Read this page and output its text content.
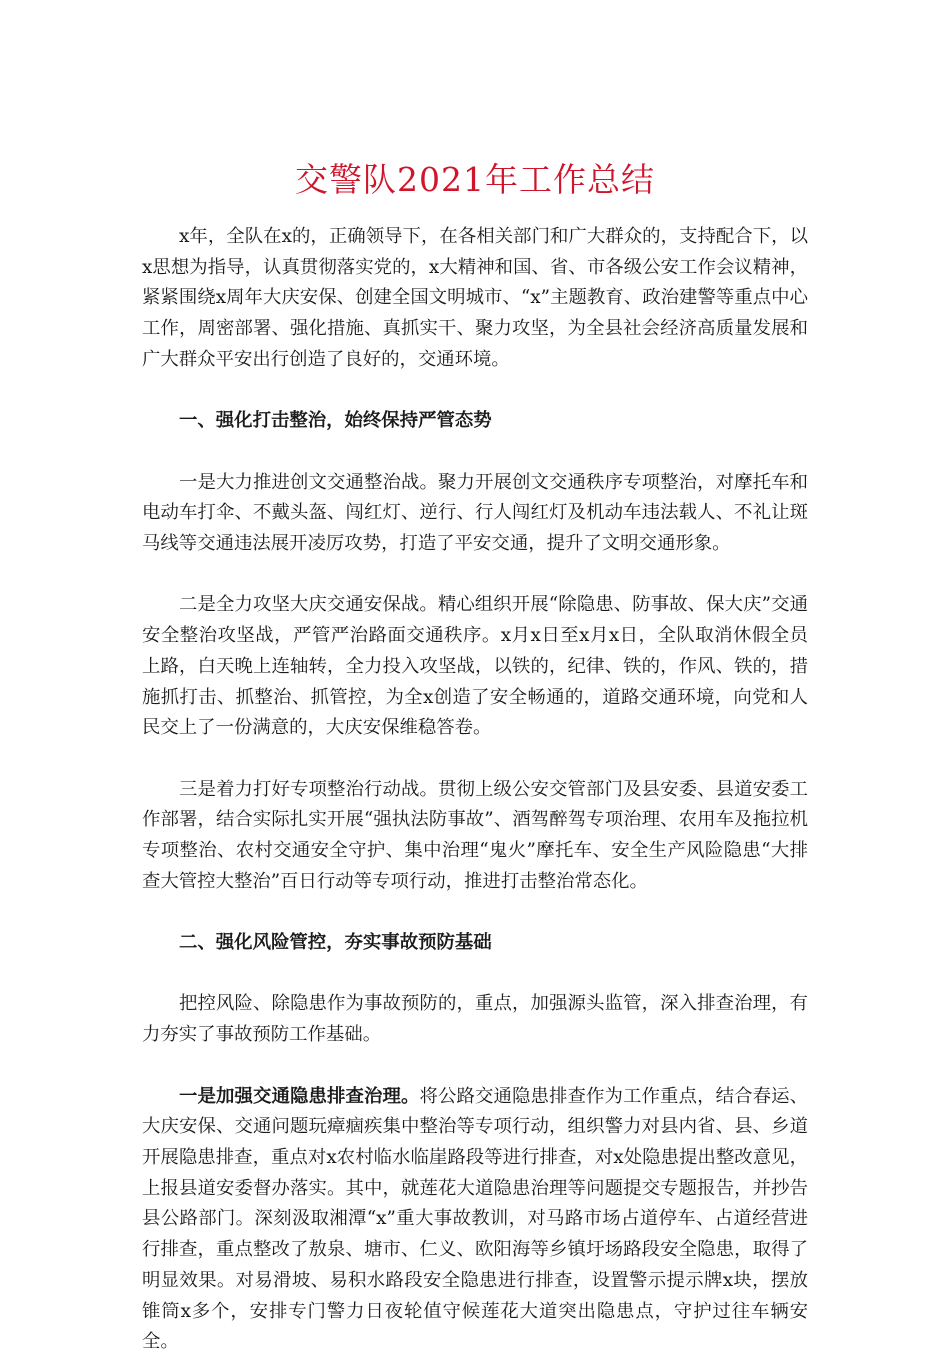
交警队2021年工作总结

x年，全队在x的，正确领导下，在各相关部门和广大群众的，支持配合下，以x思想为指导，认真贯彻落实党的，x大精神和国、省、市各级公安工作会议精神，紧紧围绕x周年大庆安保、创建全国文明城市、“x”主题教育、政治建警等重点中心工作，周密部署、强化措施、真抓实干、聚力攻坚，为全县社会经济高质量发展和广大群众平安出行创造了良好的，交通环境。

一、强化打击整治，始终保持严管态势

一是大力推进创文交通整治战。聚力开展创文交通秩序专项整治，对摩托车和电动车打伞、不戴头盔、闯红灯、逆行、行人闯红灯及机动车违法载人、不礼让斑马线等交通违法展开凌厉攻势，打造了平安交通，提升了文明交通形象。

二是全力攻坚大庆交通安保战。精心组织开展“除隐患、防事故、保大庆”交通安全整治攻坚战，严管严治路面交通秩序。x月x日至x月x日，全队取消休假全员上路，白天晚上连轴转，全力投入攻坚战，以铁的，纪律、铁的，作风、铁的，措施抓打击、抓整治、抓管控，为全x创造了安全畅通的，道路交通环境，向党和人民交上了一份满意的，大庆安保维稳答卷。

三是着力打好专项整治行动战。贯彻上级公安交管部门及县安委、县道安委工作部署，结合实际扎实开展“强执法防事故”、酒驾醉驾专项治理、农用车及拖拉机专项整治、农村交通安全守护、集中治理“鬼火”摩托车、安全生产风险隐患“大排查大管控大整治”百日行动等专项行动，推进打击整治常态化。

二、强化风险管控，夯实事故预防基础

把控风险、除隐患作为事故预防的，重点，加强源头监管，深入排查治理，有力夯实了事故预防工作基础。

一是加强交通隐患排查治理。将公路交通隐患排查作为工作重点，结合春运、大庆安保、交通问题玩瘴痼疾集中整治等专项行动，组织警力对县内省、县、乡道开展隐患排查，重点对x农村临水临崖路段等进行排查，对x处隐患提出整改意见，上报县道安委督办落实。其中，就莲花大道隐患治理等问题提交专题报告，并抄告县公路部门。深刻汲取湘潭“x”重大事故教训，对马路市场占道停车、占道经营进行排查，重点整改了敖泉、塘市、仁义、欧阳海等乡镇圩场路段安全隐患，取得了明显效果。对易滑坡、易积水路段安全隐患进行排查，设置警示提示牌x块，摆放锥筒x多个，安排专门警力日夜轮值守候莲花大道突出隐患点，守护过往车辆安全。
